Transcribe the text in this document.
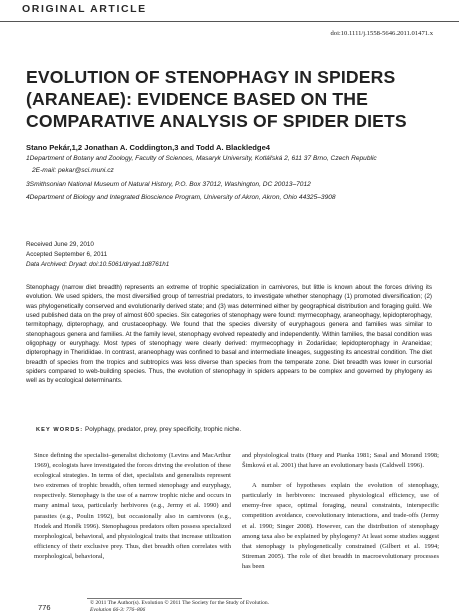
ORIGINAL ARTICLE
doi:10.1111/j.1558-5646.2011.01471.x
EVOLUTION OF STENOPHAGY IN SPIDERS
(ARANEAE): EVIDENCE BASED ON THE
COMPARATIVE ANALYSIS OF SPIDER DIETS
Stano Pekár,1,2 Jonathan A. Coddington,3 and Todd A. Blackledge4
1Department of Botany and Zoology, Faculty of Sciences, Masaryk University, Kotlářská 2, 611 37 Brno, Czech Republic
2E-mail: pekar@sci.muni.cz
3Smithsonian National Museum of Natural History, P.O. Box 37012, Washington, DC 20013–7012
4Department of Biology and Integrated Bioscience Program, University of Akron, Akron, Ohio 44325–3908
Received June 29, 2010
Accepted September 6, 2011
Data Archived: Dryad: doi:10.5061/dryad.1d8761h1
Stenophagy (narrow diet breadth) represents an extreme of trophic specialization in carnivores, but little is known about the forces driving its evolution. We used spiders, the most diversified group of terrestrial predators, to investigate whether stenophagy (1) promoted diversification; (2) was phylogenetically conserved and evolutionarily derived state; and (3) was determined either by geographical distribution and foraging guild. We used published data on the prey of almost 600 species. Six categories of stenophagy were found: myrmecophagy, araneophagy, lepidopterophagy, termitophagy, dipterophagy, and crustaceophagy. We found that the species diversity of euryphagous genera and families was similar to stenophagous genera and families. At the family level, stenophagy evolved repeatedly and independently. Within families, the basal condition was oligophagy or euryphagy. Most types of stenophagy were clearly derived: myrmecophagy in Zodariidae; lepidopterophagy in Araneidae; dipterophagy in Theridiidae. In contrast, araneophagy was confined to basal and intermediate lineages, suggesting its ancestral condition. The diet breadth of species from the tropics and subtropics was less diverse than species from the temperate zone. Diet breadth was lower in cursorial spiders compared to web-building species. Thus, the evolution of stenophagy in spiders appears to be complex and governed by phylogeny as well as by ecological determinants.
KEY WORDS: Polyphagy, predator, prey, prey specificity, trophic niche.

Since defining the specialist–generalist dichotomy (Levins and MacArthur 1969), ecologists have investigated the forces driving the evolution of these ecological strategies. In terms of diet, specialists and generalists represent two extremes of trophic breadth, often termed stenophagy and euryphagy, respectively. Stenophagy is the use of a narrow trophic niche and occurs in many animal taxa, particularly herbivores (e.g., Jermy et al. 1990) and parasites (e.g., Poulin 1992), but occasionally also in carnivores (e.g., Hodek and Honěk 1996). Stenophagous predators often possess specialized morphological, behavioral, and physiological traits that increase utilization efficiency of their exclusive prey. Thus, diet breadth often correlates with morphological, behavioral,

and physiological traits (Huey and Pianka 1981; Sasal and Morand 1998; Šimková et al. 2001) that have an evolutionary basis (Caldwell 1996).

A number of hypotheses explain the evolution of stenophagy, particularly in herbivores: increased physiological efficiency, use of enemy-free space, optimal foraging, neural constraints, interspecific competition avoidance, coevolutionary interactions, and trade-offs (Jermy et al. 1990; Singer 2008). However, can the distribution of stenophagy among taxa also be explained by phylogeny? At least some studies suggest that stenophagy is phylogenetically constrained (Gilbert et al. 1994; Stireman 2005). The role of diet breadth in macroevolutionary processes has been

776	© 2011 The Author(s). Evolution © 2011 The Society for the Study of Evolution.
Evolution 66-3: 776–806
